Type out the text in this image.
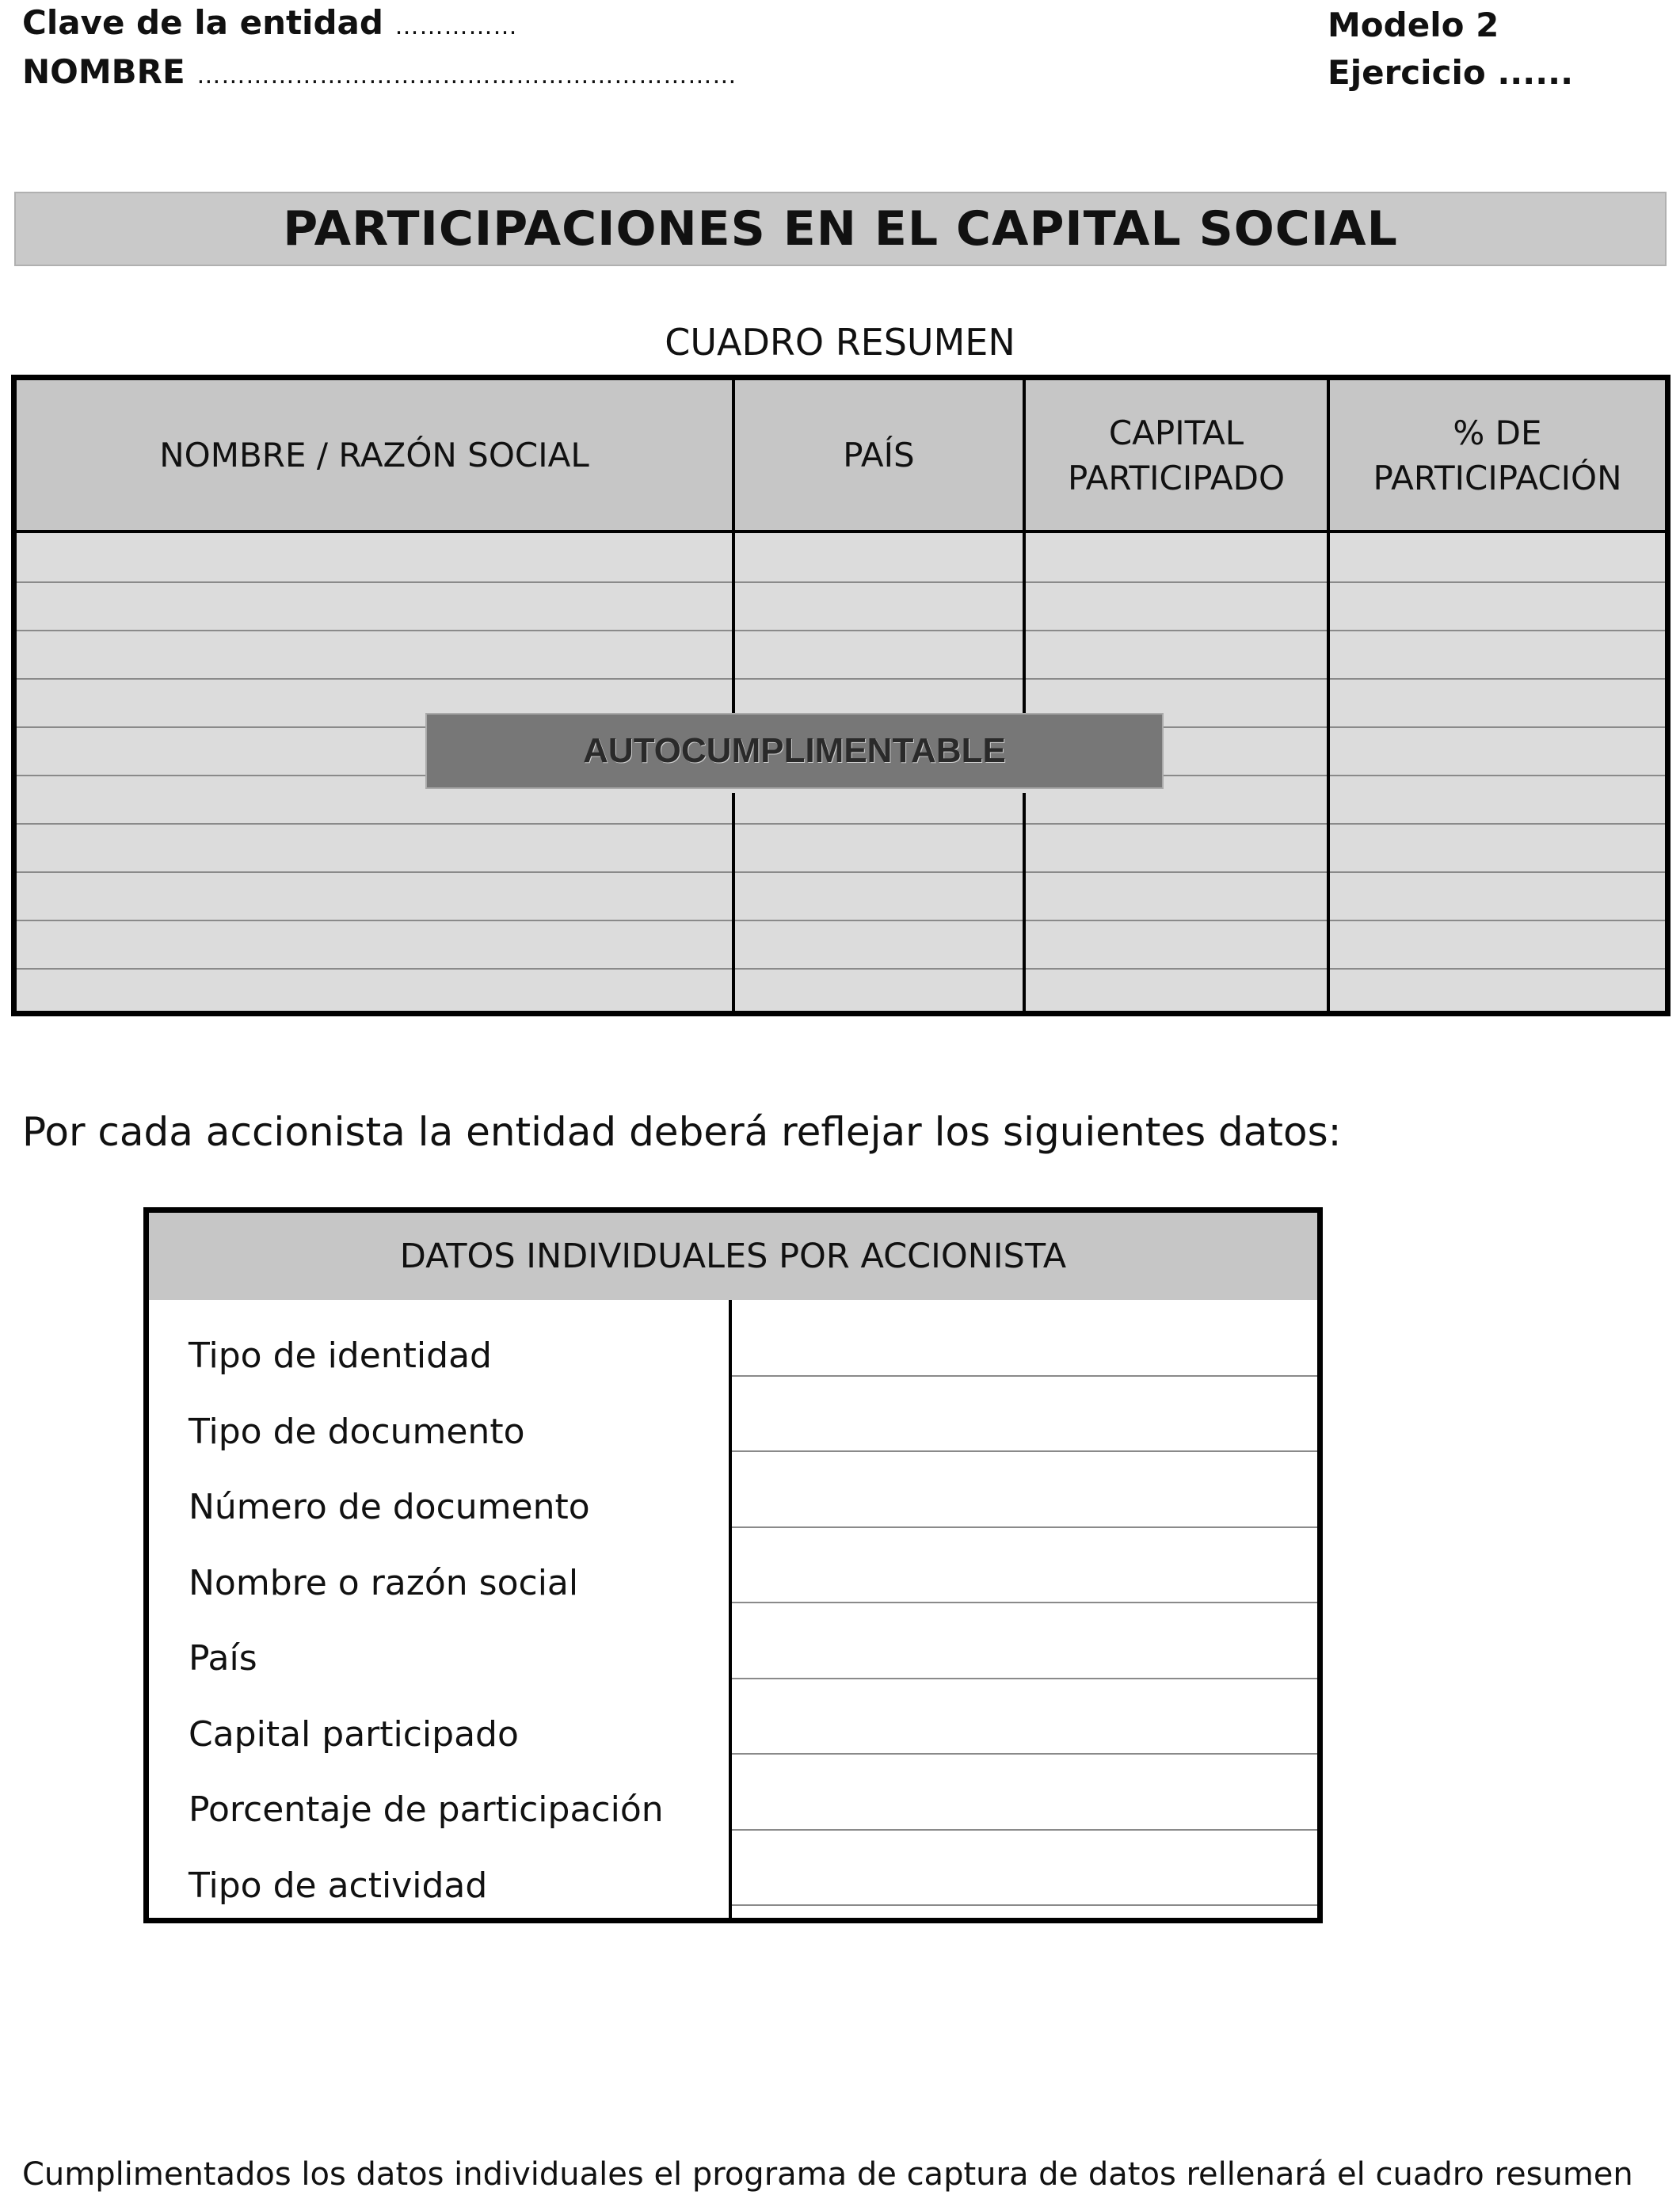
Clave de la entidad ……………
NOMBRE …………………………………………………………
Modelo 2
Ejercicio ......
PARTICIPACIONES EN EL CAPITAL SOCIAL
CUADRO RESUMEN
NOMBRE / RAZÓN SOCIAL	PAÍS
CAPITAL PARTICIPADO
% DE PARTICIPACIÓN
AUTOCUMPLIMENTABLE
Por cada accionista la entidad deberá reflejar los siguientes datos:
DATOS INDIVIDUALES POR ACCIONISTA
Tipo de identidad
Tipo de documento
Número de documento
Nombre o razón social
País
Capital participado
Porcentaje de participación
Tipo de actividad
Cumplimentados los datos individuales el programa de captura de datos rellenará el cuadro resumen
